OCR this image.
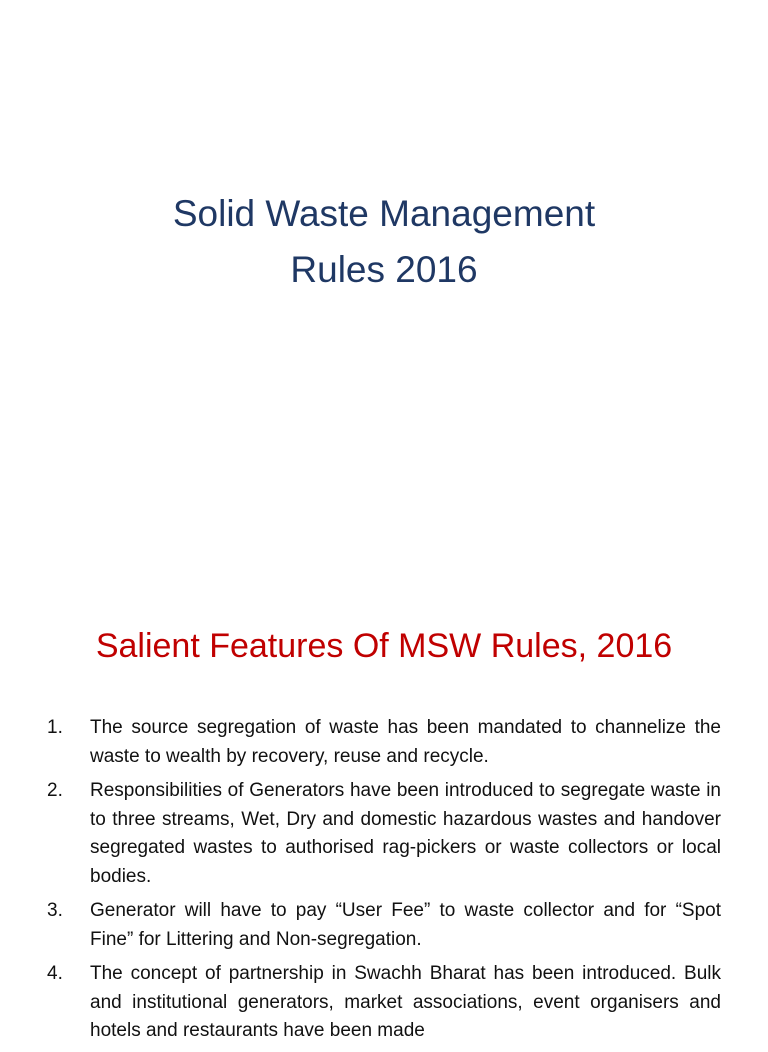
Solid Waste Management
Rules 2016
Salient Features Of MSW Rules, 2016
1.	The source segregation of waste has been mandated to channelize the waste to wealth by recovery, reuse and recycle.
2.	Responsibilities of Generators have been introduced to segregate waste in to three streams, Wet, Dry and domestic hazardous wastes and handover segregated wastes to authorised rag-pickers or waste collectors or local bodies.
3.	Generator will have to pay “User Fee” to waste collector and for “Spot Fine” for Littering and Non-segregation.
4.	The concept of partnership in Swachh Bharat has been introduced. Bulk and institutional generators, market associations, event organisers and hotels and restaurants have been made
